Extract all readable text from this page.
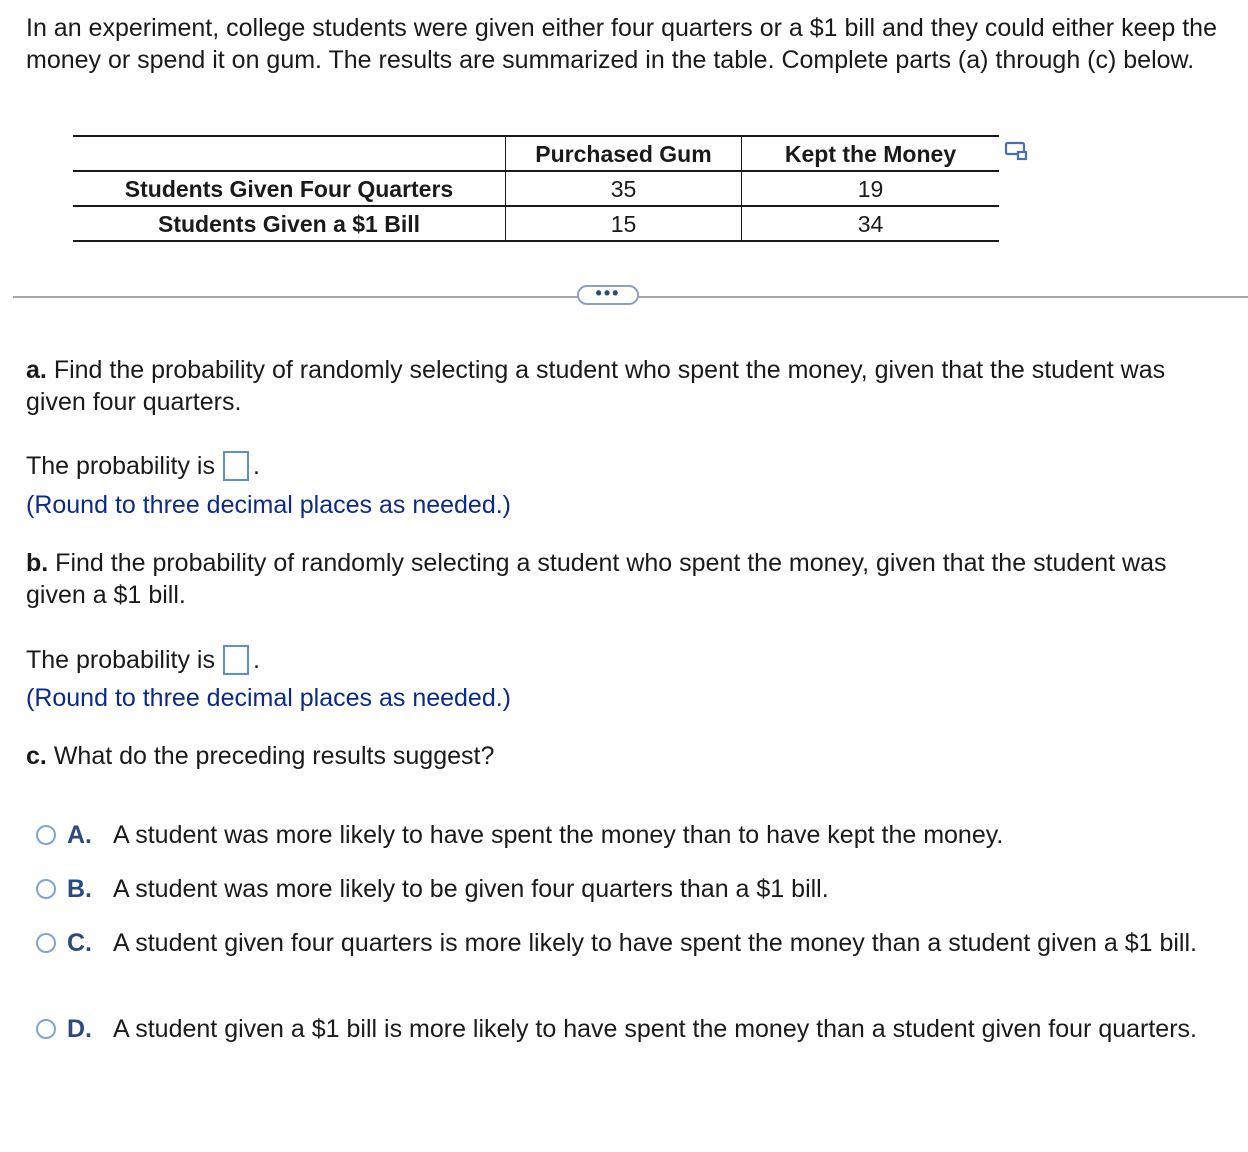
In an experiment, college students were given either four quarters or a $1 bill and they could either keep the money or spend it on gum. The results are summarized in the table. Complete parts (a) through (c) below.

	Purchased Gum	Kept the Money
Students Given Four Quarters	35	19
Students Given a $1 Bill	15	34
•••

a. Find the probability of randomly selecting a student who spent the money, given that the student was given four quarters.

The probability is .
(Round to three decimal places as needed.)

b. Find the probability of randomly selecting a student who spent the money, given that the student was given a $1 bill.

The probability is .
(Round to three decimal places as needed.)

c. What do the preceding results suggest?

A. A student was more likely to have spent the money than to have kept the money.
B. A student was more likely to be given four quarters than a $1 bill.
C. A student given four quarters is more likely to have spent the money than a student given a $1 bill.
D. A student given a $1 bill is more likely to have spent the money than a student given four quarters.
